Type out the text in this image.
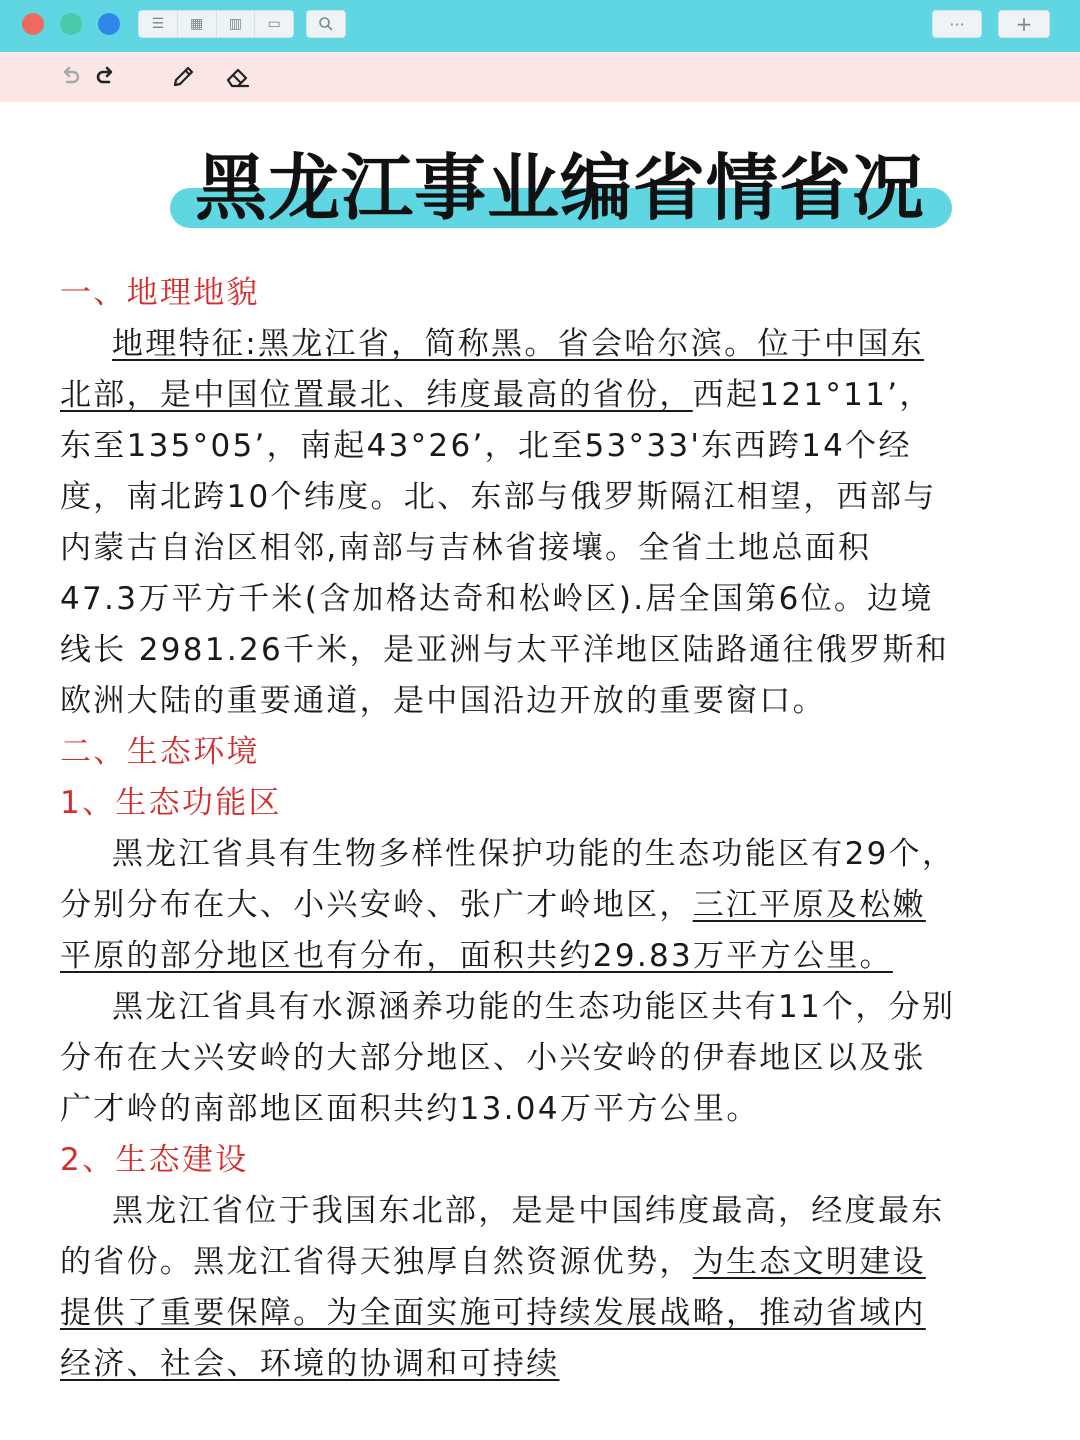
☰	▦	▥	▭	···	+
黑龙江事业编省情省况
一、地理地貌
地理特征:黑龙江省，简称黑。省会哈尔滨。位于中国东
北部，是中国位置最北、纬度最高的省份，西起121°11’，
东至135°05’，南起43°26’，北至53°33'东西跨14个经
度，南北跨10个纬度。北、东部与俄罗斯隔江相望，西部与
内蒙古自治区相邻,南部与吉林省接壤。全省土地总面积
47.3万平方千米(含加格达奇和松岭区).居全国第6位。边境
线长 2981.26千米，是亚洲与太平洋地区陆路通往俄罗斯和
欧洲大陆的重要通道，是中国沿边开放的重要窗口。
二、生态环境
1、生态功能区
黑龙江省具有生物多样性保护功能的生态功能区有29个，
分别分布在大、小兴安岭、张广才岭地区，三江平原及松嫩
平原的部分地区也有分布，面积共约29.83万平方公里。
黑龙江省具有水源涵养功能的生态功能区共有11个，分别
分布在大兴安岭的大部分地区、小兴安岭的伊春地区以及张
广才岭的南部地区面积共约13.04万平方公里。
2、生态建设
黑龙江省位于我国东北部，是是中国纬度最高，经度最东
的省份。黑龙江省得天独厚自然资源优势，为生态文明建设
提供了重要保障。为全面实施可持续发展战略，推动省域内
经济、社会、环境的协调和可持续
